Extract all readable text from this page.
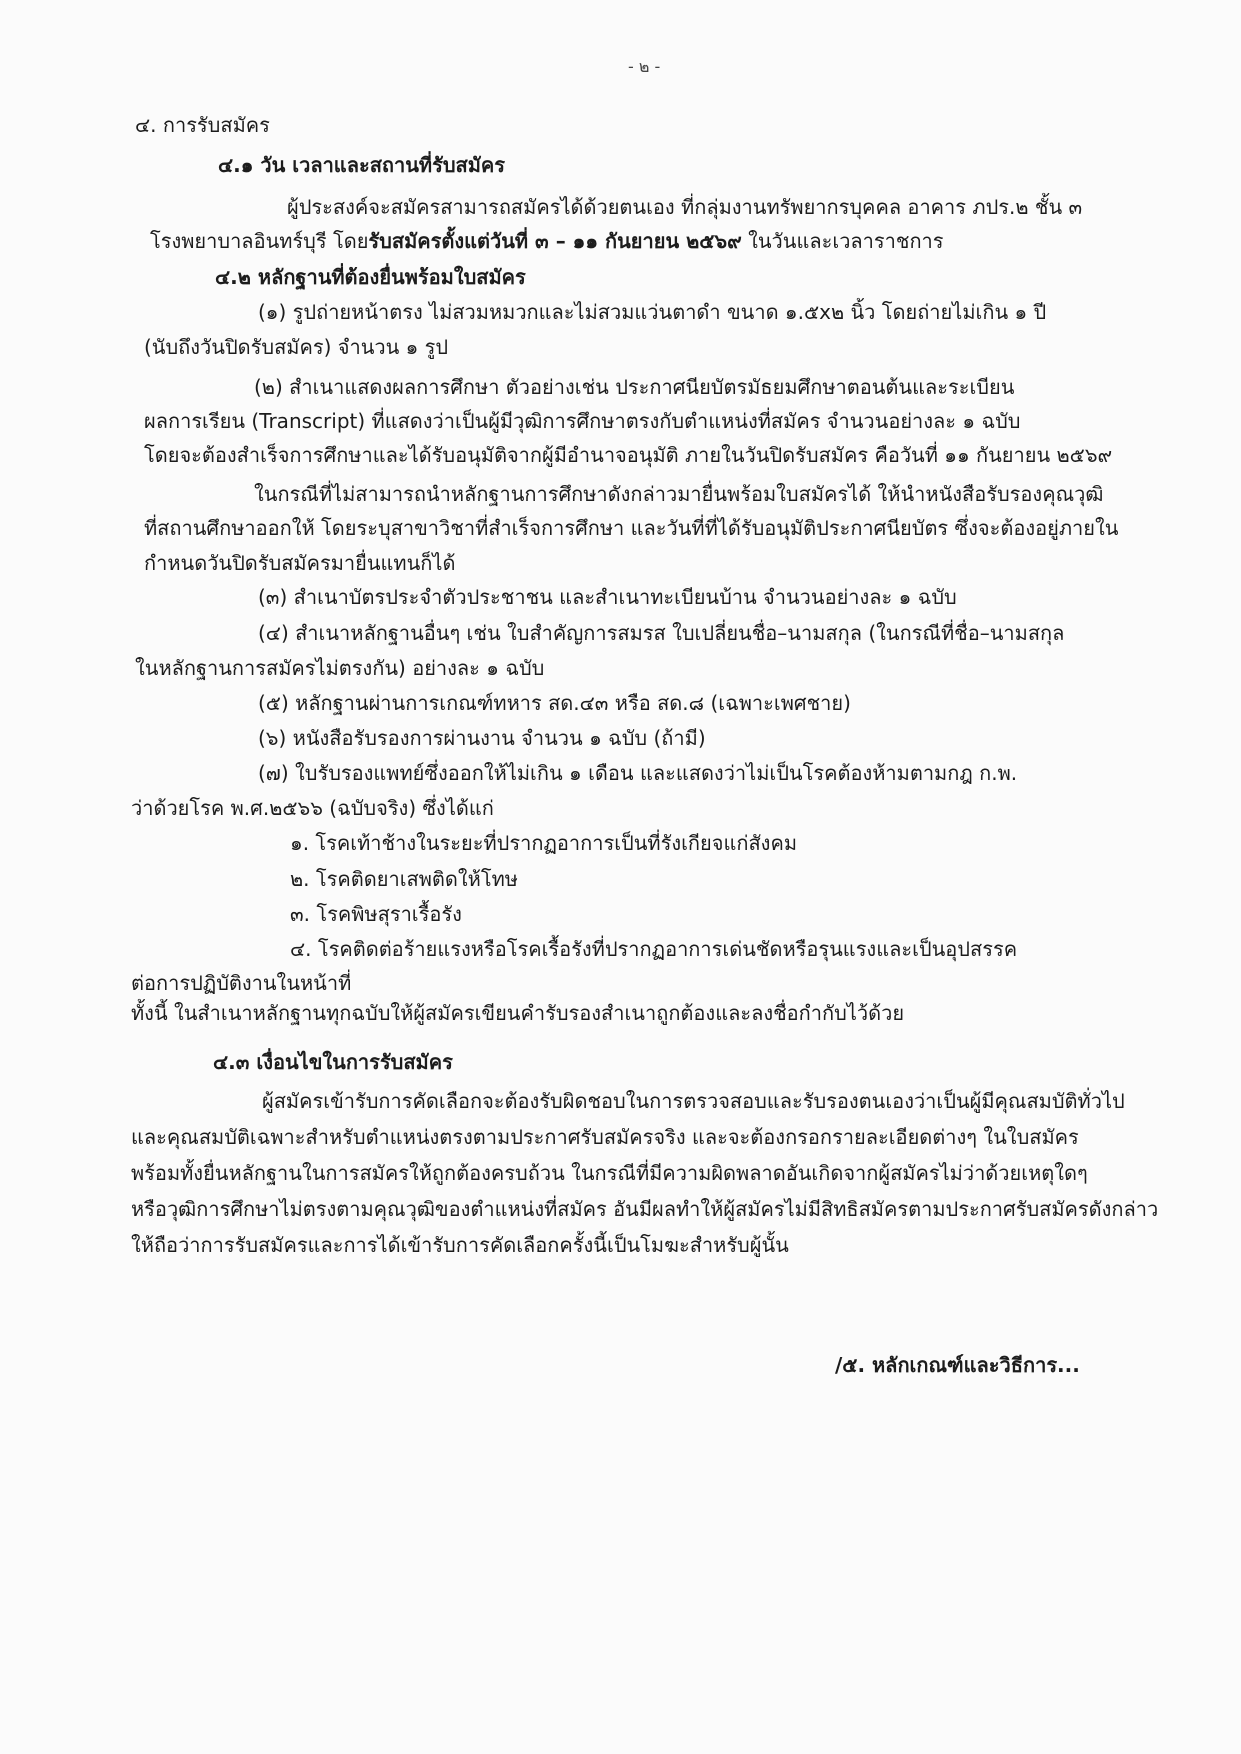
- ๒ -
๔. การรับสมัคร
๔.๑ วัน เวลาและสถานที่รับสมัคร
ผู้ประสงค์จะสมัครสามารถสมัครได้ด้วยตนเอง ที่กลุ่มงานทรัพยากรบุคคล อาคาร ภปร.๒ ชั้น ๓
โรงพยาบาลอินทร์บุรี โดยรับสมัครตั้งแต่วันที่ ๓ – ๑๑ กันยายน ๒๕๖๙ ในวันและเวลาราชการ
๔.๒ หลักฐานที่ต้องยื่นพร้อมใบสมัคร
(๑) รูปถ่ายหน้าตรง ไม่สวมหมวกและไม่สวมแว่นตาดำ ขนาด ๑.๕x๒ นิ้ว โดยถ่ายไม่เกิน ๑ ปี
(นับถึงวันปิดรับสมัคร) จำนวน ๑ รูป
(๒) สำเนาแสดงผลการศึกษา ตัวอย่างเช่น ประกาศนียบัตรมัธยมศึกษาตอนต้นและระเบียน
ผลการเรียน (Transcript) ที่แสดงว่าเป็นผู้มีวุฒิการศึกษาตรงกับตำแหน่งที่สมัคร จำนวนอย่างละ ๑ ฉบับ
โดยจะต้องสำเร็จการศึกษาและได้รับอนุมัติจากผู้มีอำนาจอนุมัติ ภายในวันปิดรับสมัคร คือวันที่ ๑๑ กันยายน ๒๕๖๙
ในกรณีที่ไม่สามารถนำหลักฐานการศึกษาดังกล่าวมายื่นพร้อมใบสมัครได้ ให้นำหนังสือรับรองคุณวุฒิ
ที่สถานศึกษาออกให้ โดยระบุสาขาวิชาที่สำเร็จการศึกษา และวันที่ที่ได้รับอนุมัติประกาศนียบัตร ซึ่งจะต้องอยู่ภายใน
กำหนดวันปิดรับสมัครมายื่นแทนก็ได้
(๓) สำเนาบัตรประจำตัวประชาชน และสำเนาทะเบียนบ้าน จำนวนอย่างละ ๑ ฉบับ
(๔) สำเนาหลักฐานอื่นๆ เช่น ใบสำคัญการสมรส ใบเปลี่ยนชื่อ–นามสกุล (ในกรณีที่ชื่อ–นามสกุล
ในหลักฐานการสมัครไม่ตรงกัน) อย่างละ ๑ ฉบับ
(๕) หลักฐานผ่านการเกณฑ์ทหาร สด.๔๓ หรือ สด.๘ (เฉพาะเพศชาย)
(๖) หนังสือรับรองการผ่านงาน จำนวน ๑ ฉบับ (ถ้ามี)
(๗) ใบรับรองแพทย์ซึ่งออกให้ไม่เกิน ๑ เดือน และแสดงว่าไม่เป็นโรคต้องห้ามตามกฎ ก.พ.
ว่าด้วยโรค พ.ศ.๒๕๖๖ (ฉบับจริง) ซึ่งได้แก่
๑. โรคเท้าช้างในระยะที่ปรากฏอาการเป็นที่รังเกียจแก่สังคม
๒. โรคติดยาเสพติดให้โทษ
๓. โรคพิษสุราเรื้อรัง
๔. โรคติดต่อร้ายแรงหรือโรคเรื้อรังที่ปรากฏอาการเด่นชัดหรือรุนแรงและเป็นอุปสรรค
ต่อการปฏิบัติงานในหน้าที่
ทั้งนี้ ในสำเนาหลักฐานทุกฉบับให้ผู้สมัครเขียนคำรับรองสำเนาถูกต้องและลงชื่อกำกับไว้ด้วย
๔.๓ เงื่อนไขในการรับสมัคร
ผู้สมัครเข้ารับการคัดเลือกจะต้องรับผิดชอบในการตรวจสอบและรับรองตนเองว่าเป็นผู้มีคุณสมบัติทั่วไป
และคุณสมบัติเฉพาะสำหรับตำแหน่งตรงตามประกาศรับสมัครจริง และจะต้องกรอกรายละเอียดต่างๆ ในใบสมัคร
พร้อมทั้งยื่นหลักฐานในการสมัครให้ถูกต้องครบถ้วน ในกรณีที่มีความผิดพลาดอันเกิดจากผู้สมัครไม่ว่าด้วยเหตุใดๆ
หรือวุฒิการศึกษาไม่ตรงตามคุณวุฒิของตำแหน่งที่สมัคร อันมีผลทำให้ผู้สมัครไม่มีสิทธิสมัครตามประกาศรับสมัครดังกล่าว
ให้ถือว่าการรับสมัครและการได้เข้ารับการคัดเลือกครั้งนี้เป็นโมฆะสำหรับผู้นั้น
/๕. หลักเกณฑ์และวิธีการ...
